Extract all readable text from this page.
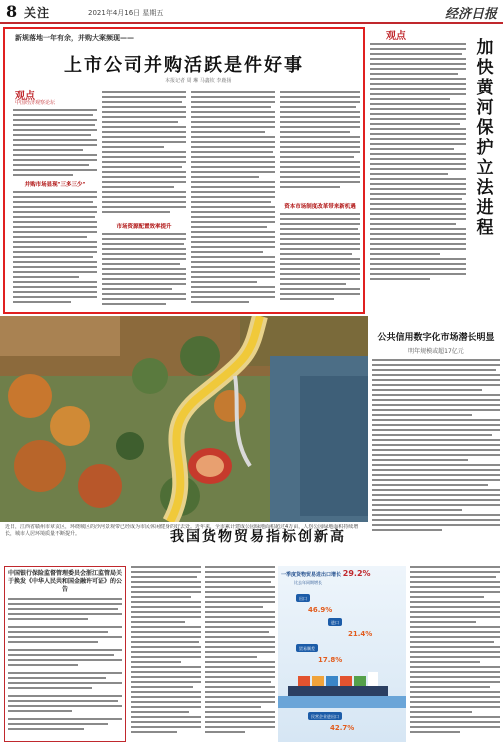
8 关注	2021年4月16日 星期五	经济日报
新规落地一年有余，并购大案频现——
上市公司并购活跃是件好事
本报记者 周 琳 马鑫钦 李鹿扬
观点
中国经济观察论坛
并购市场显现"三多三少"
市场资源配置效率提升
资本市场制度改革带来新机遇
观点
加快黄河保护立法进程
近日，江西省赣州市章贡区，环绕城区的沙河景观带已经成为市民休闲健身的好去处。近年来，全市累计建成公园绿地面积超过4万亩，人均公园绿地面积持续增长，城市人居环境质量不断提升。
公共信用数字化市场潜长明显
明年规模或超17亿元
我国货物贸易指标创新高
中国银行保险监督管理委员会浙江监管局关于换发《中华人民共和国金融许可证》的公告
一季度货物贸易进出口增长 29.2%
比去年同期增长
出口
46.9%
进口
21.4%
贸易顺差
17.8%
民营企业进出口
42.7%
